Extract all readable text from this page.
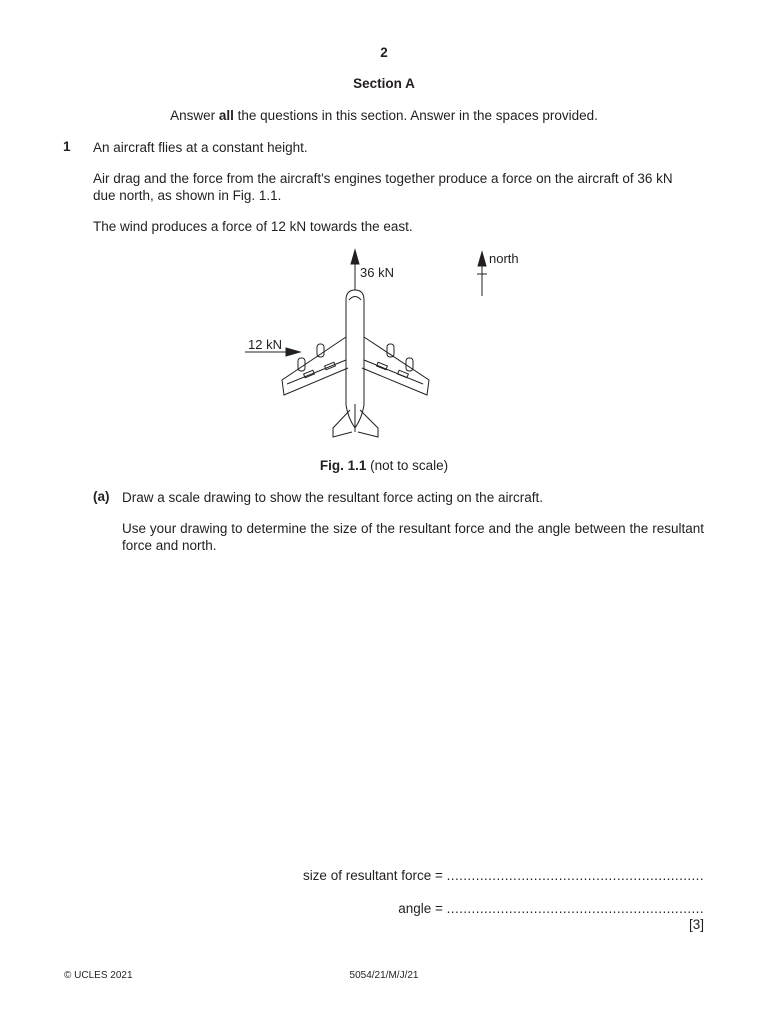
2
Section A
Answer all the questions in this section. Answer in the spaces provided.
1 An aircraft flies at a constant height.
Air drag and the force from the aircraft's engines together produce a force on the aircraft of 36 kN
due north, as shown in Fig. 1.1.
The wind produces a force of 12 kN towards the east.
36 kN
12 kN
north
Fig. 1.1 (not to scale)
(a) Draw a scale drawing to show the resultant force acting on the aircraft.
Use your drawing to determine the size of the resultant force and the angle between the resultant force and north.
size of resultant force = ..............................................................
angle = ..............................................................
[3]
© UCLES 2021	5054/21/M/J/21
